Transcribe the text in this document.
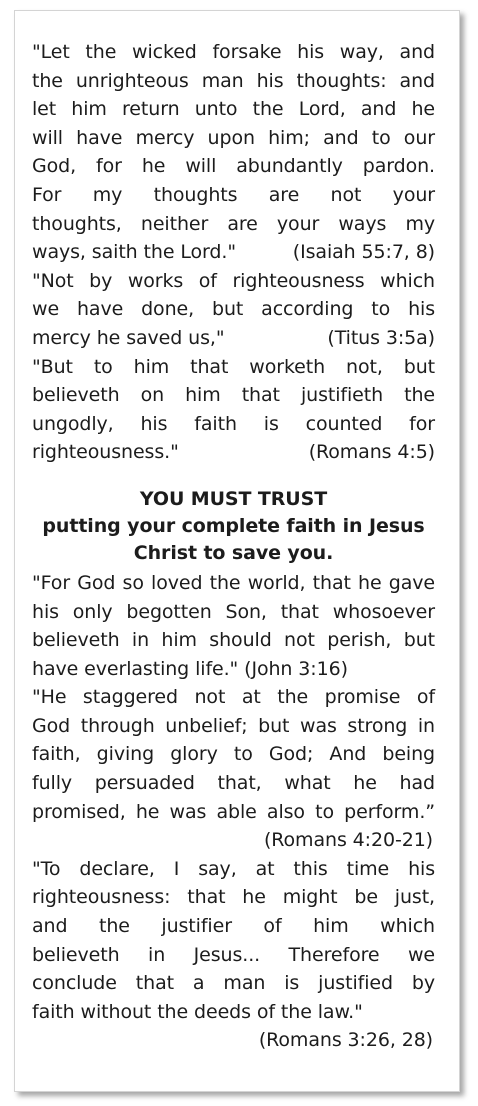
"Let the wicked forsake his way, and

the unrighteous man his thoughts: and

let him return unto the Lord, and he

will have mercy upon him; and to our

God, for he will abundantly pardon.

For my thoughts are not your

thoughts, neither are your ways my

ways, saith the Lord."	(Isaiah 55:7, 8)

"Not by works of righteousness which

we have done, but according to his

mercy he saved us,"	(Titus 3:5a)

"But to him that worketh not, but

believeth on him that justifieth the

ungodly, his faith is counted for

righteousness."	(Romans 4:5)

YOU MUST TRUST

putting your complete faith in Jesus

Christ to save you.

"For God so loved the world, that he gave

his only begotten Son, that whosoever

believeth in him should not perish, but

have everlasting life." (John 3:16)

"He staggered not at the promise of

God through unbelief; but was strong in

faith, giving glory to God; And being

fully persuaded that, what he had

promised, he was able also to perform.”

(Romans 4:20-21)

"To declare, I say, at this time his

righteousness: that he might be just,

and the justifier of him which

believeth in Jesus... Therefore we

conclude that a man is justified by

faith without the deeds of the law."

(Romans 3:26, 28)
